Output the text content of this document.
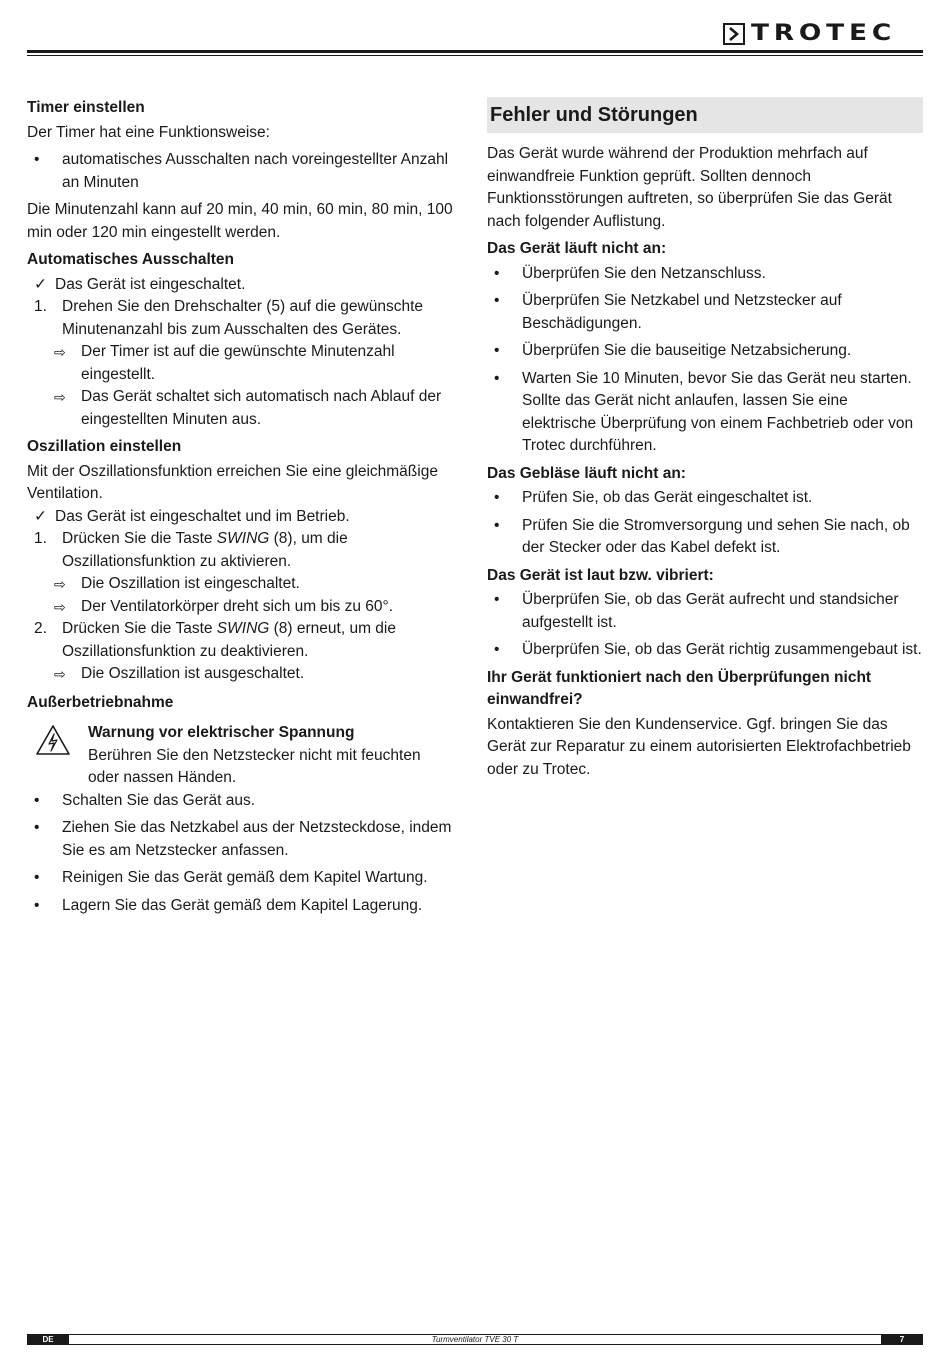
TROTEC
Timer einstellen

Der Timer hat eine Funktionsweise:

• automatisches Ausschalten nach voreingestellter Anzahl an Minuten

Die Minutenzahl kann auf 20 min, 40 min, 60 min, 80 min, 100 min oder 120 min eingestellt werden.

Automatisches Ausschalten
✓ Das Gerät ist eingeschaltet.
1. Drehen Sie den Drehschalter (5) auf die gewünschte Minutenanzahl bis zum Ausschalten des Gerätes.
⇨ Der Timer ist auf die gewünschte Minutenzahl eingestellt.
⇨ Das Gerät schaltet sich automatisch nach Ablauf der eingestellten Minuten aus.
Oszillation einstellen

Mit der Oszillationsfunktion erreichen Sie eine gleichmäßige Ventilation.

✓ Das Gerät ist eingeschaltet und im Betrieb.
1. Drücken Sie die Taste SWING (8), um die Oszillationsfunktion zu aktivieren.
⇨ Die Oszillation ist eingeschaltet.
⇨ Der Ventilatorkörper dreht sich um bis zu 60°.
2. Drücken Sie die Taste SWING (8) erneut, um die Oszillationsfunktion zu deaktivieren.
⇨ Die Oszillation ist ausgeschaltet.
Außerbetriebnahme
Warnung vor elektrischer Spannung
Berühren Sie den Netzstecker nicht mit feuchten oder nassen Händen.
• Schalten Sie das Gerät aus.
• Ziehen Sie das Netzkabel aus der Netzsteckdose, indem Sie es am Netzstecker anfassen.
• Reinigen Sie das Gerät gemäß dem Kapitel Wartung.
• Lagern Sie das Gerät gemäß dem Kapitel Lagerung.
Fehler und Störungen

Das Gerät wurde während der Produktion mehrfach auf einwandfreie Funktion geprüft. Sollten dennoch Funktionsstörungen auftreten, so überprüfen Sie das Gerät nach folgender Auflistung.

Das Gerät läuft nicht an:
• Überprüfen Sie den Netzanschluss.
• Überprüfen Sie Netzkabel und Netzstecker auf Beschädigungen.
• Überprüfen Sie die bauseitige Netzabsicherung.
• Warten Sie 10 Minuten, bevor Sie das Gerät neu starten. Sollte das Gerät nicht anlaufen, lassen Sie eine elektrische Überprüfung von einem Fachbetrieb oder von Trotec durchführen.
Das Gebläse läuft nicht an:
• Prüfen Sie, ob das Gerät eingeschaltet ist.
• Prüfen Sie die Stromversorgung und sehen Sie nach, ob der Stecker oder das Kabel defekt ist.
Das Gerät ist laut bzw. vibriert:
• Überprüfen Sie, ob das Gerät aufrecht und standsicher aufgestellt ist.
• Überprüfen Sie, ob das Gerät richtig zusammengebaut ist.
Ihr Gerät funktioniert nach den Überprüfungen nicht einwandfrei?

Kontaktieren Sie den Kundenservice. Ggf. bringen Sie das Gerät zur Reparatur zu einem autorisierten Elektrofachbetrieb oder zu Trotec.

Turmventilator TVE 30 T
DE	7
